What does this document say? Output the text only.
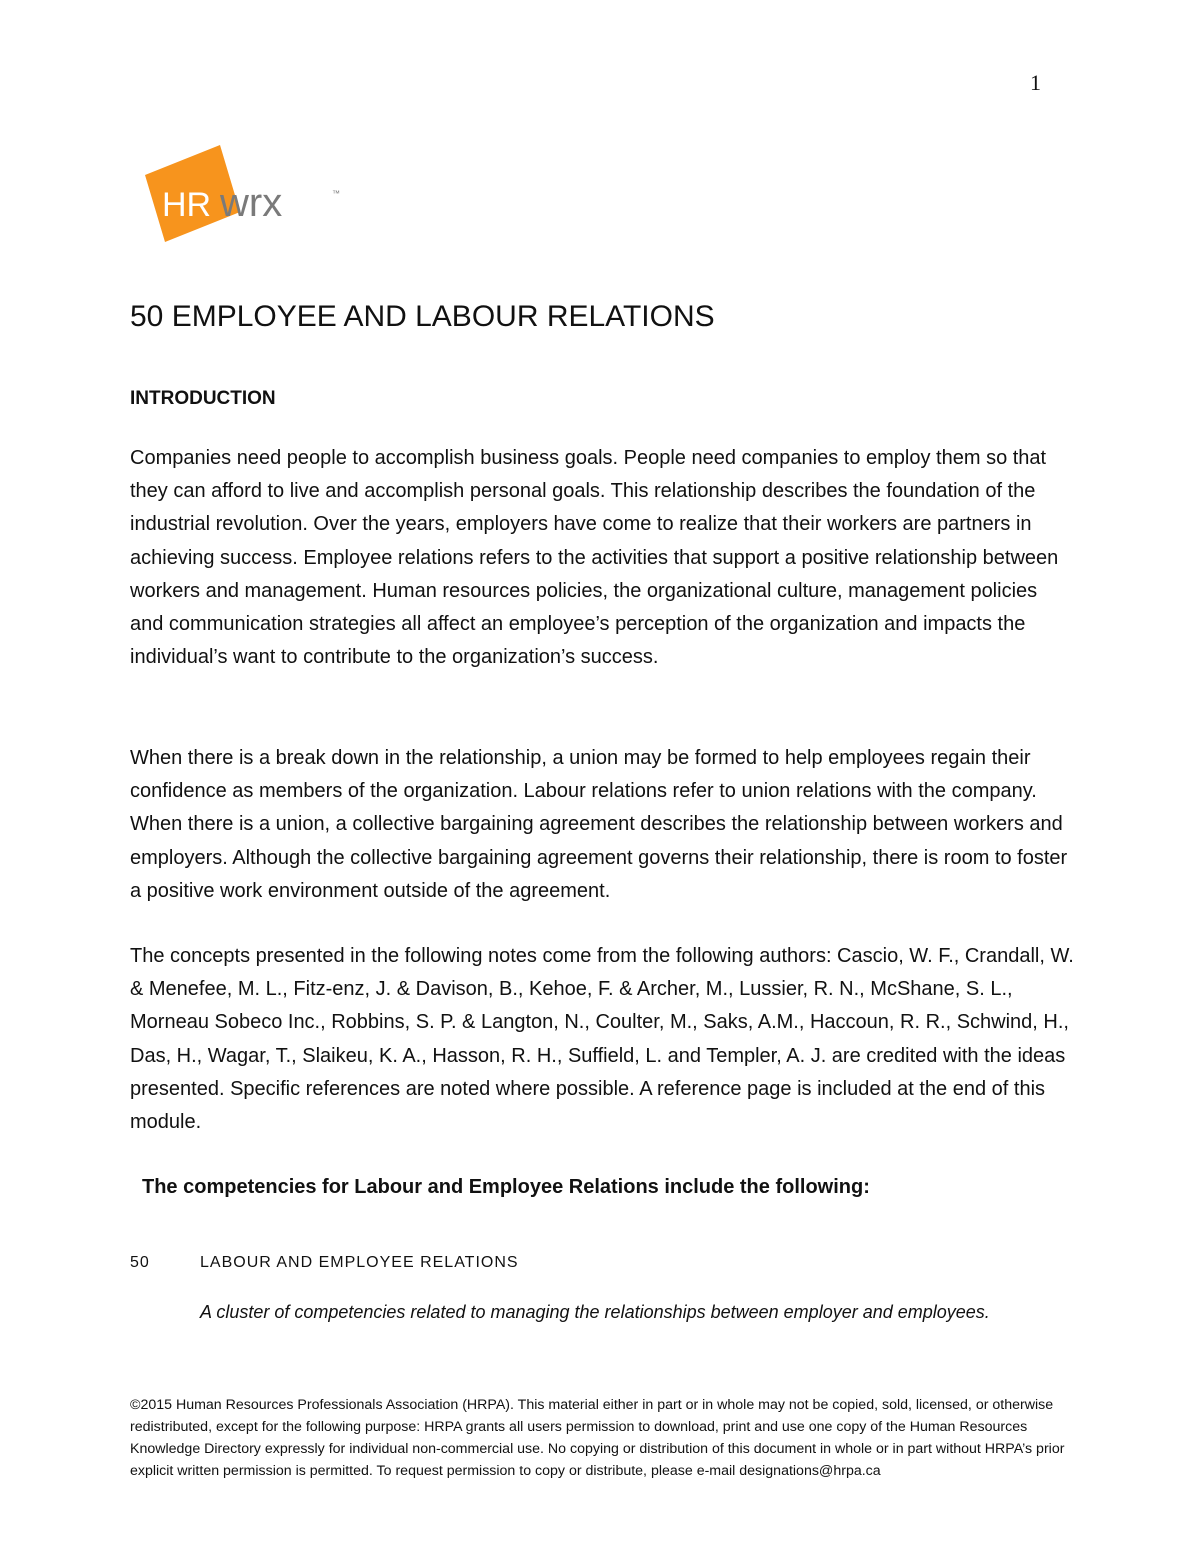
1
HR wrx	™
50 EMPLOYEE AND LABOUR RELATIONS
INTRODUCTION

Companies need people to accomplish business goals. People need companies to employ them so that they can afford to live and accomplish personal goals. This relationship describes the foundation of the industrial revolution. Over the years, employers have come to realize that their workers are partners in achieving success. Employee relations refers to the activities that support a positive relationship between workers and management. Human resources policies, the organizational culture, management policies and communication strategies all affect an employee’s perception of the organization and impacts the individual’s want to contribute to the organization’s success.

When there is a break down in the relationship, a union may be formed to help employees regain their confidence as members of the organization. Labour relations refer to union relations with the company. When there is a union, a collective bargaining agreement describes the relationship between workers and employers. Although the collective bargaining agreement governs their relationship, there is room to foster a positive work environment outside of the agreement.

The concepts presented in the following notes come from the following authors: Cascio, W. F., Crandall, W. & Menefee, M. L., Fitz-enz, J. & Davison, B., Kehoe, F. & Archer, M., Lussier, R. N., McShane, S. L., Morneau Sobeco Inc., Robbins, S. P. & Langton, N., Coulter, M., Saks, A.M., Haccoun, R. R., Schwind, H., Das, H., Wagar, T., Slaikeu, K. A., Hasson, R. H., Suffield, L. and Templer, A. J. are credited with the ideas presented. Specific references are noted where possible. A reference page is included at the end of this module.

The competencies for Labour and Employee Relations include the following:
50	LABOUR AND EMPLOYEE RELATIONS
A cluster of competencies related to managing the relationships between employer and employees.

©2015 Human Resources Professionals Association (HRPA). This material either in part or in whole may not be copied, sold, licensed, or otherwise redistributed, except for the following purpose: HRPA grants all users permission to download, print and use one copy of the Human Resources Knowledge Directory expressly for individual non-commercial use. No copying or distribution of this document in whole or in part without HRPA’s prior explicit written permission is permitted. To request permission to copy or distribute, please e-mail designations@hrpa.ca
